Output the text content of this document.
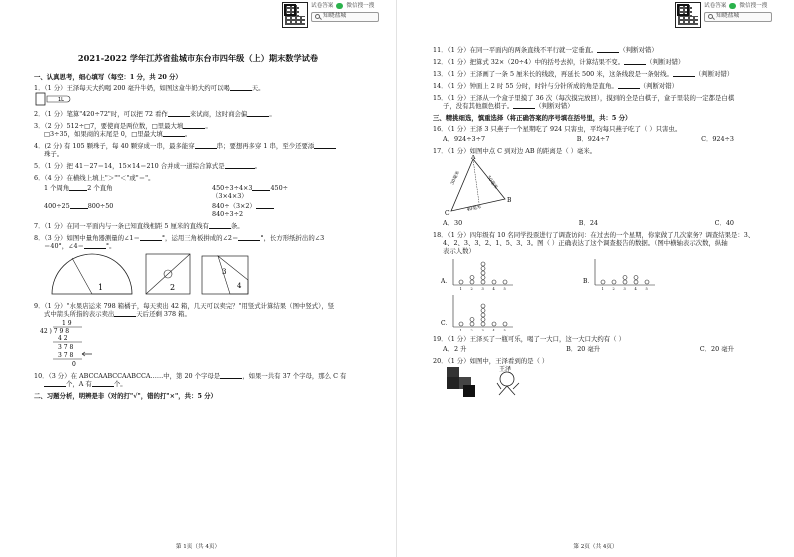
试卷答案 微信搜一搜
知晓盐城
2021-2022 学年江苏省盐城市东台市四年级（上）期末数学试卷
一、认真思考，细心填写（每空：1 分，共 20 分）
1．（1 分）王泽每天大约喝 200 毫升牛奶，如图这盒牛奶大约可以喝	天。
1L
2．（1 分）笔算"420÷72"时，可以把 72 看作	来试商，这时商会偏	。
3．（2 分）512÷□7，要使商是两位数，□里最大填	。
□3÷35，如果商的末尾是 0，□里最大填	。
4．(2 分) 有 105 颗珠子，每 40 颗穿成一串，最多能穿	串；要想再多穿 1 串，至少还要添
珠子。
5．（1 分）把 41－27＝14，15×14＝210 合并成一道综合算式是	。
6．（4 分）在横线上填上"＞""＜"或"＝"。
1 个周角	2 个直角	450÷3÷4×3	450÷（3×4×3）
400÷25	800÷50	840÷（3×2）840÷3÷2
7．（1 分）在同一平面内与一条已知直线相距 5 厘米的直线有	条。
8．（3 分）如图中量角器测量的∠1＝	°，运用三角板拼成的∠2＝	°，长方形纸折出的∠3
＝40°，∠4＝	°。
1	2
3
4
9．（1 分）"水果店运来 798 箱橘子，每天卖出 42 箱，几天可以卖完？"用竖式计算结果（图中竖式），竖
式中箭头所指的表示卖出	天后还剩 378 箱。
1 9
42 ) 7 9 8
4 2
3 7 8
3 7 8
0
10．（3 分）在 ABCCAABCCAABCCA……中，第 20 个字母是	，如果一共有 37 个字母，那么 C 有
个，A 有	个。
二、习题分析，明辨是非（对的打"√"，错的打"×"，共：5 分）
第 1页（共 4页）
试卷答案 微信搜一搜
知晓盐城
11．（1 分）在同一平面内的两条直线不平行就一定垂直。	（判断对错）
12．（1 分）把算式 32×（20÷4）中的括号去掉，计算结果不变。	（判断对错）
13．（1 分）王泽画了一条 5 厘米长的线段，再延长 500 米，这条线段是一条射线。	（判断对错）
14．（1 分）钟面上 2 时 55 分时，时针与分针所成的角是直角。	（判断对错）
15．（1 分）王泽从一个盒子里摸了 36 次（每次摸完放回），摸到的全是白棋子，盒子里装的一定都是白棋
子，没有其他颜色棋子。	（判断对错）
三、精挑细选，慎重选择（将正确答案的序号填在括号里，共：5 分）
16．（1 分）王泽 3 只燕子一个星期吃了 924 只害虫，平均每只燕子吃了（ ）只害虫。
A．924÷3÷7	B．924÷7	C．924÷3
17．（1 分）如图中点 C 到对边 AB 的距离是（ ）毫米。
A
B
C
50毫米
30毫米
40毫米
A．30	B．24	C．40
18．（1 分）四年级有 10 名同学投票进行了调查访问：在过去的一个星期，你家做了几次家务？调查结果是：3、
4、2、3、3、2、1、5、3、3。图（ ）正确表达了这个调查报告的数据。（图中横轴表示次数，纵轴
表示人数）
A．
1	2	3	4	5
B．
1	2	3	4	5
C．
1	2	3	4	5
19．（1 分）王泽买了一瓶可乐，喝了一大口，这一大口大约有（ ）
A．2 升	B．20 毫升	C．20 毫升
20．（1 分）如图中，王泽看到的是（ ）
王泽
第 2页（共 4页）
